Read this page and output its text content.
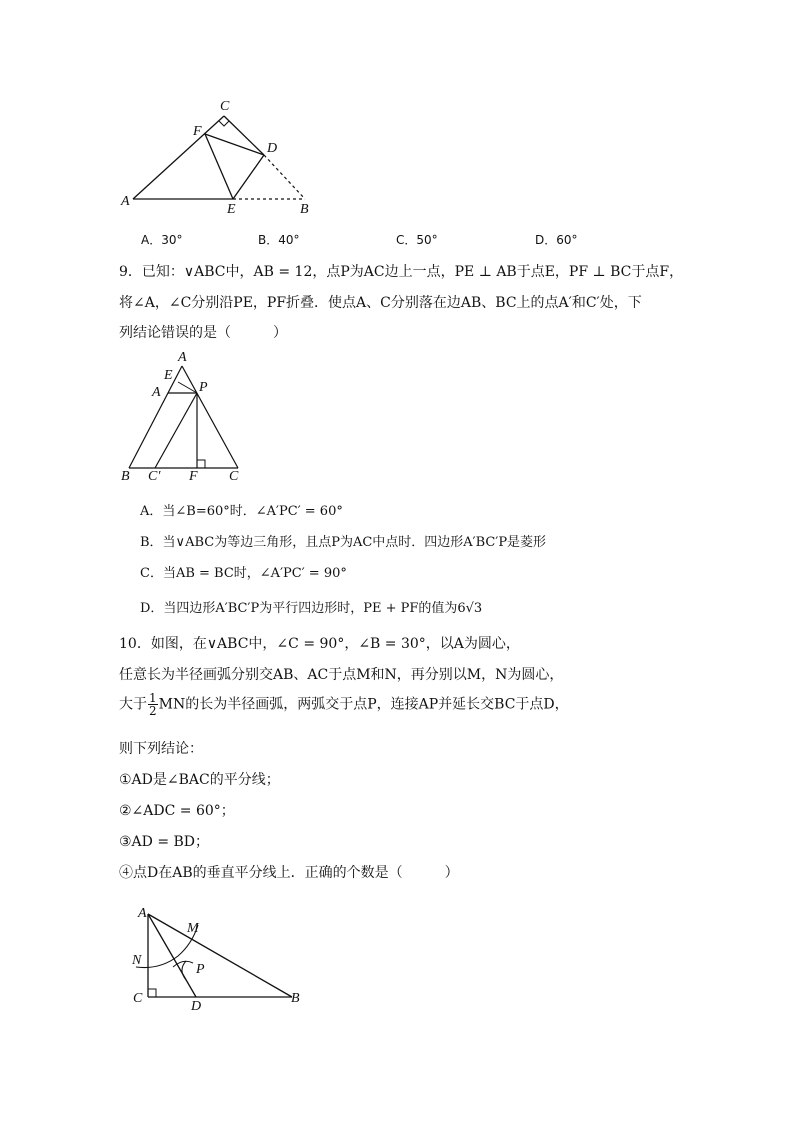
C
F
D
A
E	B
A．30°	B．40°	C．50°	D．60°
9．已知：∨ABC中，AB = 12，点P为AC边上一点，PE ⊥ AB于点E，PF ⊥ BC于点F，
将∠A，∠C分别沿PE，PF折叠．使点A、C分别落在边AB、BC上的点A′和C′处，下
列结论错误的是（　　　）
A
E
P
A
B C′ F C
A．当∠B=60°时．∠A′PC′ = 60°
B．当∨ABC为等边三角形，且点P为AC中点时．四边形A′BC′P是菱形
C．当AB = BC时，∠A′PC′ = 90°
D．当四边形A′BC′P为平行四边形时，PE + PF的值为6√3
10．如图，在∨ABC中，∠C = 90°，∠B = 30°，以A为圆心，
任意长为半径画弧分别交AB、AC于点M和N，再分别以M，N为圆心，
大于 $\frac{1}{2}$ MN的长为半径画弧，两弧交于点P，连接AP并延长交BC于点D，
则下列结论：
①AD是∠BAC的平分线；
②∠ADC = 60°；
③AD = BD；
④点D在AB的垂直平分线上．正确的个数是（　　　）
A
M
N
P
C
D
B
